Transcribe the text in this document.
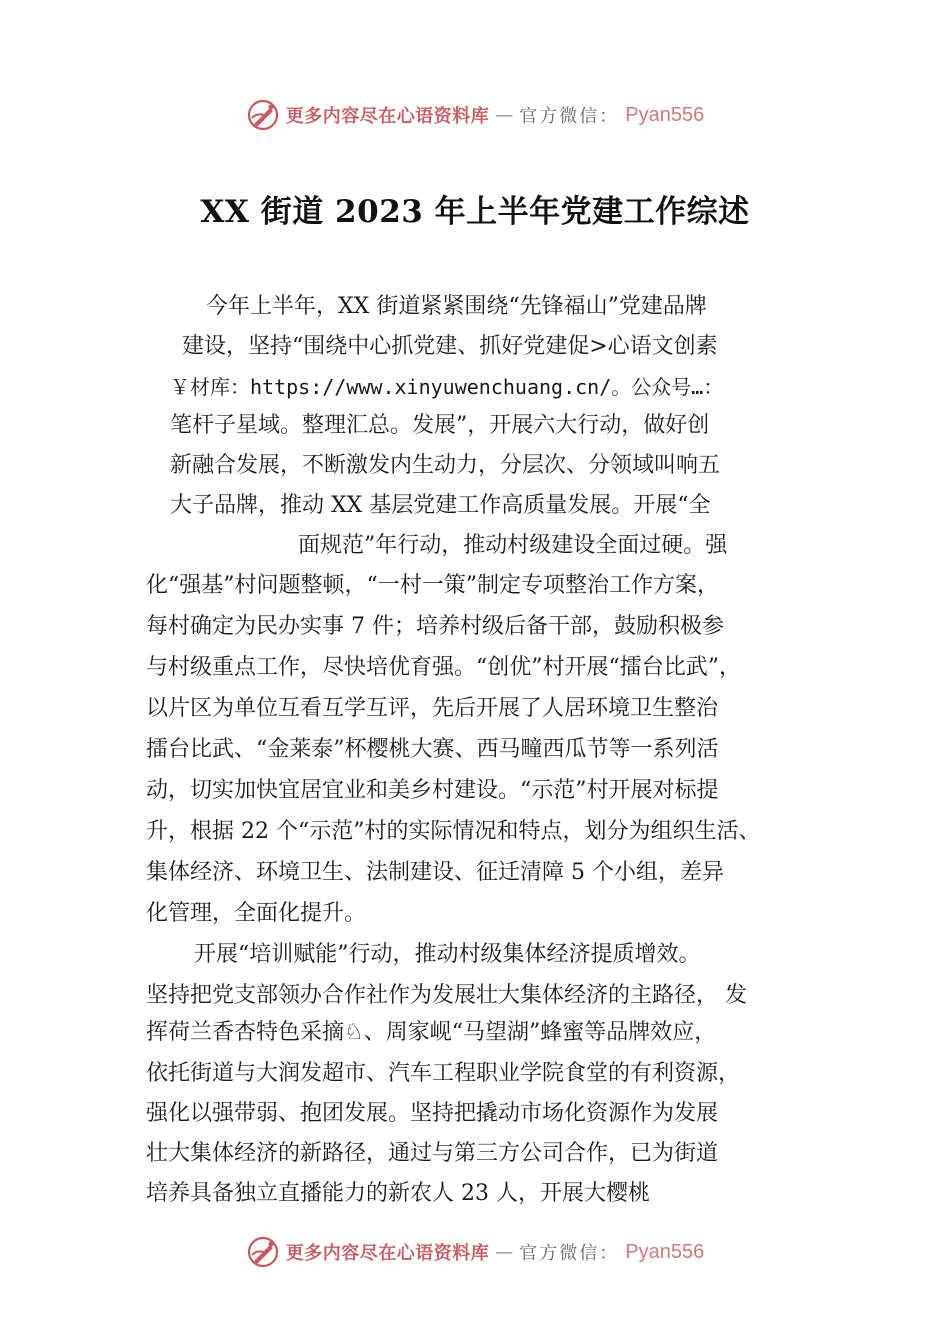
更多内容尽在心语资料库 — 官方微信： Pyan556
XX 街道 2023 年上半年党建工作综述
今年上半年，XX 街道紧紧围绕“先锋福山”党建品牌
建设，坚持“围绕中心抓党建、抓好党建促>心语文创素
￥材库：https://www.xinyuwenchuang.cn/。公众号…：
笔杆子星域。整理汇总。发展”，开展六大行动，做好创
新融合发展，不断激发内生动力，分层次、分领域叫响五
大子品牌，推动 XX 基层党建工作高质量发展。开展“全
面规范”年行动，推动村级建设全面过硬。强
化“强基”村问题整顿，“一村一策”制定专项整治工作方案，
每村确定为民办实事 7 件；培养村级后备干部，鼓励积极参
与村级重点工作，尽快培优育强。“创优”村开展“擂台比武”，
以片区为单位互看互学互评，先后开展了人居环境卫生整治
擂台比武、“金莱泰”杯樱桃大赛、西马疃西瓜节等一系列活
动，切实加快宜居宜业和美乡村建设。“示范”村开展对标提
升，根据 22 个“示范”村的实际情况和特点，划分为组织生活、
集体经济、环境卫生、法制建设、征迁清障 5 个小组，差异
化管理，全面化提升。
开展“培训赋能”行动，推动村级集体经济提质增效。
坚持把党支部领办合作社作为发展壮大集体经济的主路径， 发
挥荷兰香杏特色采摘♘、周家岘“马望湖”蜂蜜等品牌效应，
依托街道与大润发超市、汽车工程职业学院食堂的有利资源，
强化以强带弱、抱团发展。坚持把撬动市场化资源作为发展
壮大集体经济的新路径，通过与第三方公司合作，已为街道
培养具备独立直播能力的新农人 23 人，开展大樱桃
更多内容尽在心语资料库 — 官方微信： Pyan556
